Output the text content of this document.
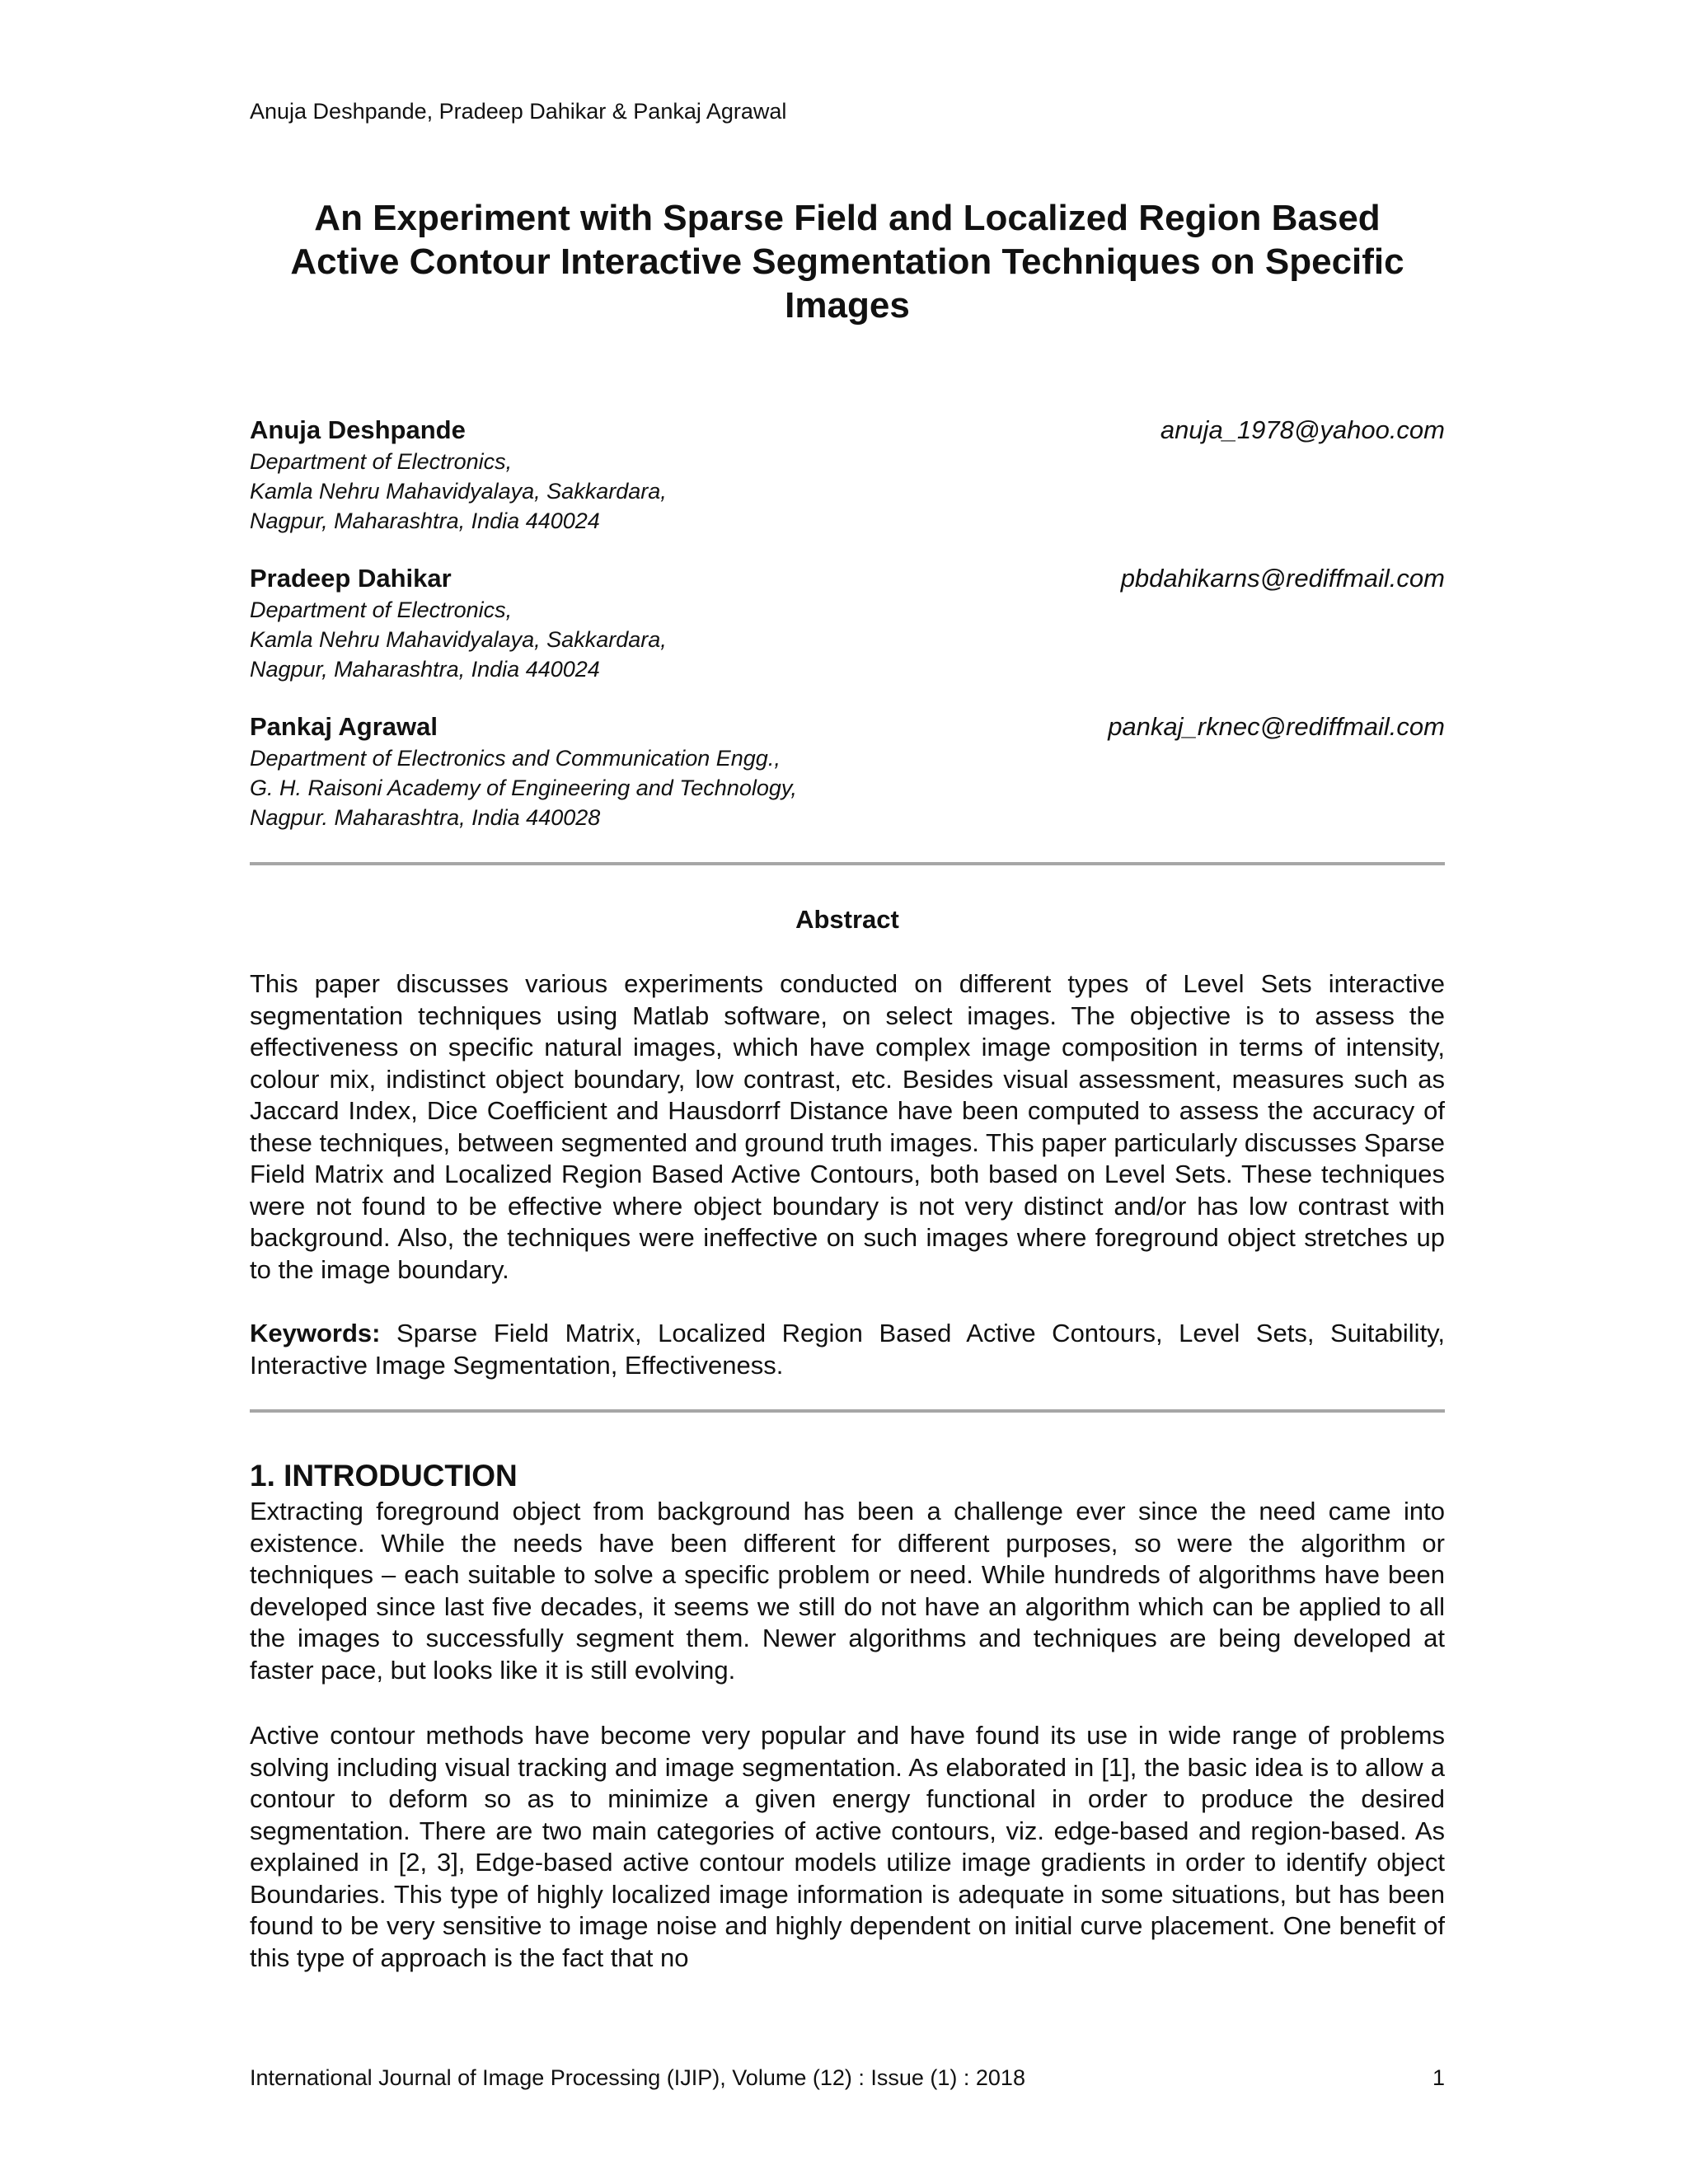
Anuja Deshpande, Pradeep Dahikar & Pankaj Agrawal
An Experiment with Sparse Field and Localized Region Based
Active Contour Interactive Segmentation Techniques on Specific
Images
Anuja Deshpande	anuja_1978@yahoo.com
Department of Electronics,
Kamla Nehru Mahavidyalaya, Sakkardara,
Nagpur, Maharashtra, India 440024
Pradeep Dahikar	pbdahikarns@rediffmail.com
Department of Electronics,
Kamla Nehru Mahavidyalaya, Sakkardara,
Nagpur, Maharashtra, India 440024
Pankaj Agrawal	pankaj_rknec@rediffmail.com
Department of Electronics and Communication Engg.,
G. H. Raisoni Academy of Engineering and Technology,
Nagpur. Maharashtra, India 440028
Abstract

This paper discusses various experiments conducted on different types of Level Sets interactive segmentation techniques using Matlab software, on select images. The objective is to assess the effectiveness on specific natural images, which have complex image composition in terms of intensity, colour mix, indistinct object boundary, low contrast, etc. Besides visual assessment, measures such as Jaccard Index, Dice Coefficient and Hausdorrf Distance have been computed to assess the accuracy of these techniques, between segmented and ground truth images. This paper particularly discusses Sparse Field Matrix and Localized Region Based Active Contours, both based on Level Sets. These techniques were not found to be effective where object boundary is not very distinct and/or has low contrast with background. Also, the techniques were ineffective on such images where foreground object stretches up to the image boundary.

Keywords: Sparse Field Matrix, Localized Region Based Active Contours, Level Sets, Suitability, Interactive Image Segmentation, Effectiveness.

1. INTRODUCTION

Extracting foreground object from background has been a challenge ever since the need came into existence. While the needs have been different for different purposes, so were the algorithm or techniques – each suitable to solve a specific problem or need. While hundreds of algorithms have been developed since last five decades, it seems we still do not have an algorithm which can be applied to all the images to successfully segment them. Newer algorithms and techniques are being developed at faster pace, but looks like it is still evolving.

Active contour methods have become very popular and have found its use in wide range of problems solving including visual tracking and image segmentation. As elaborated in [1], the basic idea is to allow a contour to deform so as to minimize a given energy functional in order to produce the desired segmentation. There are two main categories of active contours, viz. edge-based and region-based. As explained in [2, 3], Edge-based active contour models utilize image gradients in order to identify object Boundaries. This type of highly localized image information is adequate in some situations, but has been found to be very sensitive to image noise and highly dependent on initial curve placement. One benefit of this type of approach is the fact that no

International Journal of Image Processing (IJIP), Volume (12) : Issue (1) : 2018	1
